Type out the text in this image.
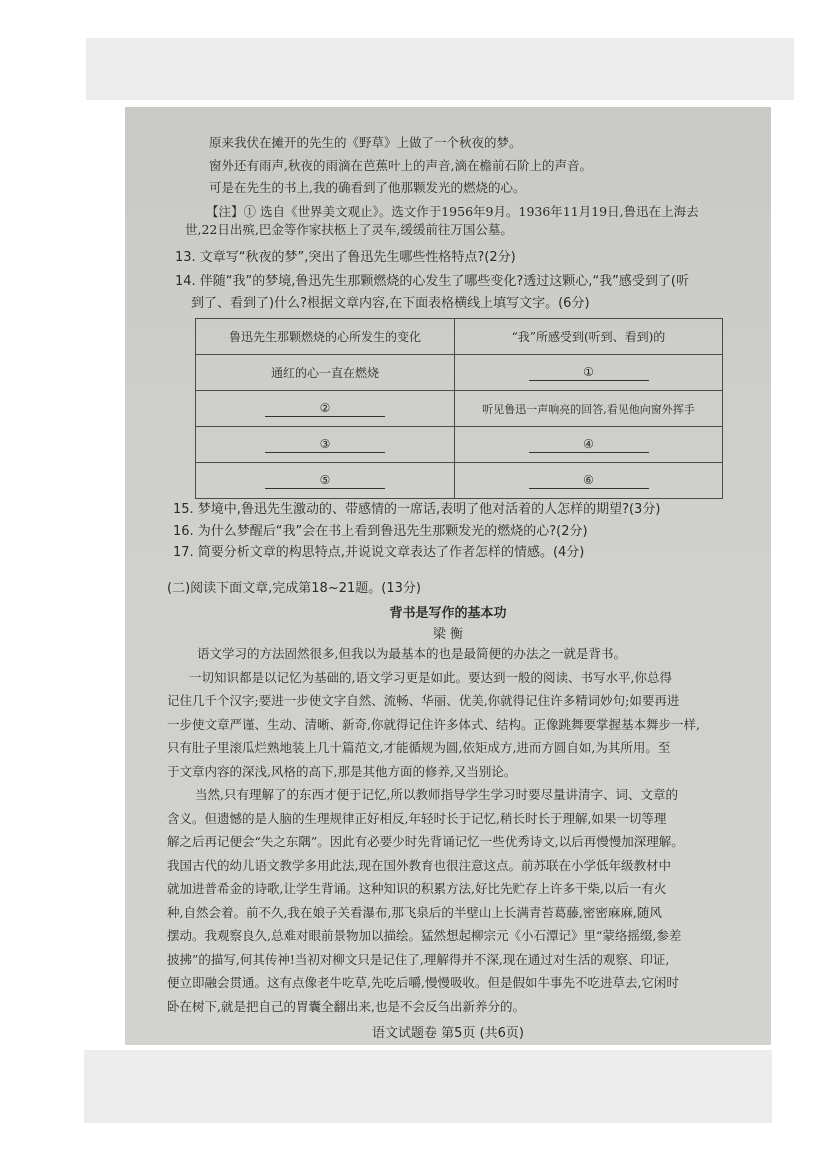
原来我伏在摊开的先生的《野草》上做了一个秋夜的梦。
窗外还有雨声,秋夜的雨滴在芭蕉叶上的声音,滴在檐前石阶上的声音。
可是在先生的书上,我的确看到了他那颗发光的燃烧的心。
【注】① 选自《世界美文观止》。选文作于1956年9月。1936年11月19日,鲁迅在上海去
世,22日出殡,巴金等作家扶柩上了灵车,缓缓前往万国公墓。
13. 文章写“秋夜的梦”,突出了鲁迅先生哪些性格特点?(2分)
14. 伴随“我”的梦境,鲁迅先生那颗燃烧的心发生了哪些变化?透过这颗心,“我”感受到了(听
到了、看到了)什么?根据文章内容,在下面表格横线上填写文字。(6分)
鲁迅先生那颗燃烧的心所发生的变化	“我”所感受到(听到、看到)的
通红的心一直在燃烧	①
②	听见鲁迅一声响亮的回答,看见他向窗外挥手
③	④
⑤	⑥
15. 梦境中,鲁迅先生激动的、带感情的一席话,表明了他对活着的人怎样的期望?(3分)
16. 为什么梦醒后“我”会在书上看到鲁迅先生那颗发光的燃烧的心?(2分)
17. 简要分析文章的构思特点,并说说文章表达了作者怎样的情感。(4分)
(二)阅读下面文章,完成第18~21题。(13分)
背书是写作的基本功
梁 衡
语文学习的方法固然很多,但我以为最基本的也是最简便的办法之一就是背书。
一切知识都是以记忆为基础的,语文学习更是如此。要达到一般的阅读、书写水平,你总得
记住几千个汉字;要进一步使文字自然、流畅、华丽、优美,你就得记住许多精词妙句;如要再进
一步使文章严谨、生动、清晰、新奇,你就得记住许多体式、结构。正像跳舞要掌握基本舞步一样,
只有肚子里滚瓜烂熟地装上几十篇范文,才能循规为圆,依矩成方,进而方圆自如,为其所用。至
于文章内容的深浅,风格的高下,那是其他方面的修养,又当别论。
当然,只有理解了的东西才便于记忆,所以教师指导学生学习时要尽量讲清字、词、文章的
含义。但遗憾的是人脑的生理规律正好相反,年轻时长于记忆,稍长时长于理解,如果一切等理
解之后再记便会“失之东隅”。因此有必要少时先背诵记忆一些优秀诗文,以后再慢慢加深理解。
我国古代的幼儿语文教学多用此法,现在国外教育也很注意这点。前苏联在小学低年级教材中
就加进普希金的诗歌,让学生背诵。这种知识的积累方法,好比先贮存上许多干柴,以后一有火
种,自然会着。前不久,我在娘子关看瀑布,那飞泉后的半壁山上长满青苔葛藤,密密麻麻,随风
摆动。我观察良久,总难对眼前景物加以描绘。猛然想起柳宗元《小石潭记》里“蒙络摇缀,参差
披拂”的描写,何其传神!当初对柳文只是记住了,理解得并不深,现在通过对生活的观察、印证,
便立即融会贯通。这有点像老牛吃草,先吃后嚼,慢慢吸收。但是假如牛事先不吃进草去,它闲时
卧在树下,就是把自己的胃囊全翻出来,也是不会反刍出新养分的。
语文试题卷 第5页 (共6页)
